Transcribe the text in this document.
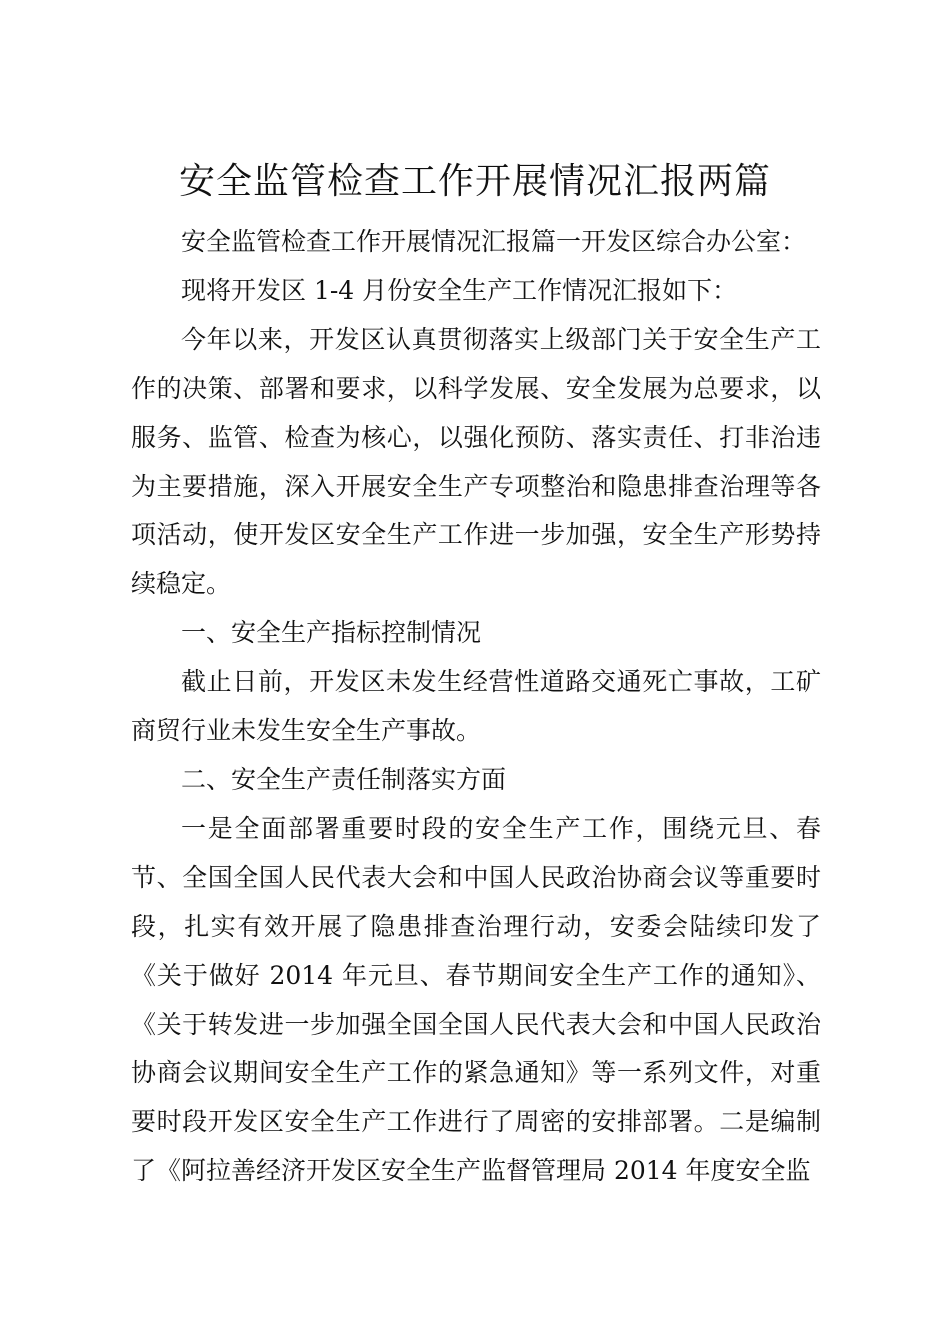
安全监管检查工作开展情况汇报两篇

安全监管检查工作开展情况汇报篇一开发区综合办公室：

现将开发区 1-4 月份安全生产工作情况汇报如下：

今年以来，开发区认真贯彻落实上级部门关于安全生产工作的决策、部署和要求，以科学发展、安全发展为总要求，以服务、监管、检查为核心，以强化预防、落实责任、打非治违为主要措施，深入开展安全生产专项整治和隐患排查治理等各项活动，使开发区安全生产工作进一步加强，安全生产形势持续稳定。

一、安全生产指标控制情况

截止日前，开发区未发生经营性道路交通死亡事故，工矿商贸行业未发生安全生产事故。

二、安全生产责任制落实方面

一是全面部署重要时段的安全生产工作，围绕元旦、春节、全国全国人民代表大会和中国人民政治协商会议等重要时段，扎实有效开展了隐患排查治理行动，安委会陆续印发了《关于做好 2014 年元旦、春节期间安全生产工作的通知》、《关于转发进一步加强全国全国人民代表大会和中国人民政治协商会议期间安全生产工作的紧急通知》等一系列文件，对重要时段开发区安全生产工作进行了周密的安排部署。二是编制了《阿拉善经济开发区安全生产监督管理局 2014 年度安全监
